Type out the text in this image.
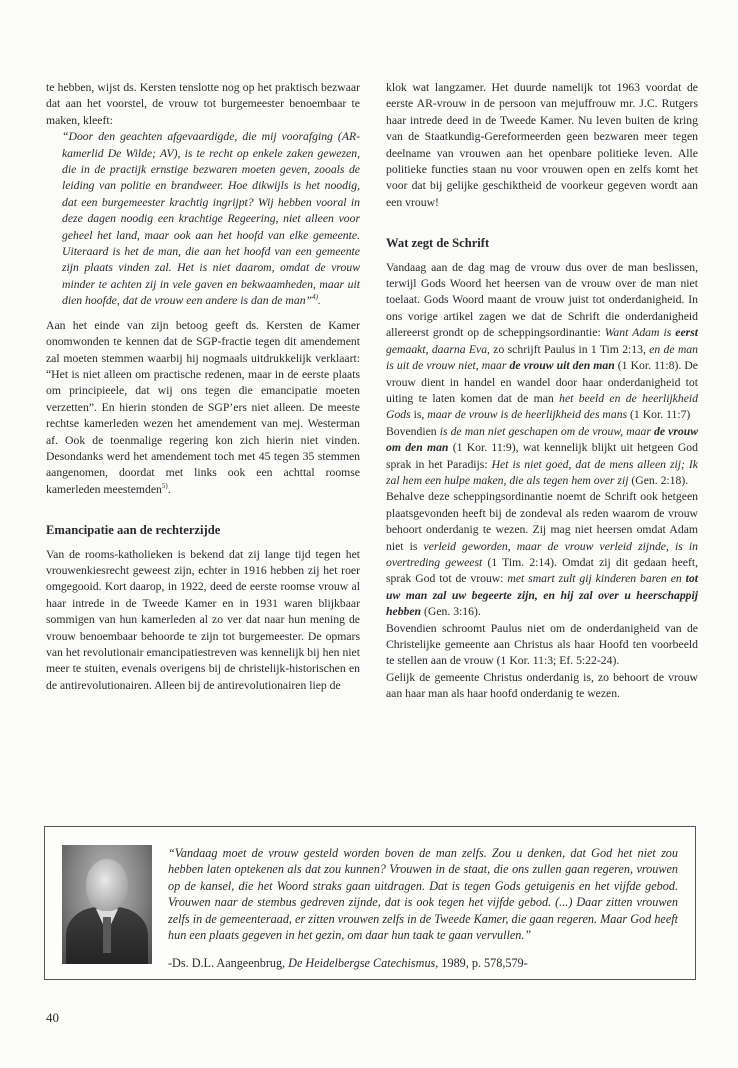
te hebben, wijst ds. Kersten tenslotte nog op het praktisch bezwaar dat aan het voorstel, de vrouw tot burgemeester benoembaar te maken, kleeft:

“Door den geachten afgevaardigde, die mij voorafging (AR-kamerlid De Wilde; AV), is te recht op enkele zaken gewezen, die in de practijk ernstige bezwaren moeten geven, zooals de leiding van politie en brandweer. Hoe dikwijls is het noodig, dat een burgemeester krachtig ingrijpt? Wij hebben vooral in deze dagen noodig een krachtige Regeering, niet alleen voor geheel het land, maar ook aan het hoofd van elke gemeente. Uiteraard is het de man, die aan het hoofd van een gemeente zijn plaats vinden zal. Het is niet daarom, omdat de vrouw minder te achten zij in vele gaven en bekwaamheden, maar uit dien hoofde, dat de vrouw een andere is dan de man”$^{4)}$.

Aan het einde van zijn betoog geeft ds. Kersten de Kamer onomwonden te kennen dat de SGP-fractie tegen dit amendement zal moeten stemmen waarbij hij nogmaals uitdrukkelijk verklaart: “Het is niet alleen om practische redenen, maar in de eerste plaats om principieele, dat wij ons tegen die emancipatie moeten verzetten”. En hierin stonden de SGP’ers niet alleen. De meeste rechtse kamerleden wezen het amendement van mej. Westerman af. Ook de toenmalige regering kon zich hierin niet vinden. Desondanks werd het amendement toch met 45 tegen 35 stemmen aangenomen, doordat met links ook een achttal roomse kamerleden meestemden$^{5)}$.

Emancipatie aan de rechterzijde

Van de rooms-katholieken is bekend dat zij lange tijd tegen het vrouwenkiesrecht geweest zijn, echter in 1916 hebben zij het roer omgegooid. Kort daarop, in 1922, deed de eerste roomse vrouw al haar intrede in de Tweede Kamer en in 1931 waren blijkbaar sommigen van hun kamerleden al zo ver dat naar hun mening de vrouw benoembaar behoorde te zijn tot burgemeester. De opmars van het revolutionair emancipatiestreven was kennelijk bij hen niet meer te stuiten, evenals overigens bij de christelijk-historischen en de antirevolutionairen. Alleen bij de antirevolutionairen liep de

klok wat langzamer. Het duurde namelijk tot 1963 voordat de eerste AR-vrouw in de persoon van mejuffrouw mr. J.C. Rutgers haar intrede deed in de Tweede Kamer. Nu leven buiten de kring van de Staatkundig-Gereformeerden geen bezwaren meer tegen deelname van vrouwen aan het openbare politieke leven. Alle politieke functies staan nu voor vrouwen open en zelfs komt het voor dat bij gelijke geschiktheid de voorkeur gegeven wordt aan een vrouw!

Wat zegt de Schrift

Vandaag aan de dag mag de vrouw dus over de man beslissen, terwijl Gods Woord het heersen van de vrouw over de man niet toelaat. Gods Woord maant de vrouw juist tot onderdanigheid. In ons vorige artikel zagen we dat de Schrift die onderdanigheid allereerst grondt op de scheppingsordinantie: Want Adam is eerst gemaakt, daarna Eva, zo schrijft Paulus in 1 Tim 2:13, en de man is uit de vrouw niet, maar de vrouw uit den man (1 Kor. 11:8). De vrouw dient in handel en wandel door haar onderdanigheid tot uiting te laten komen dat de man het beeld en de heerlijkheid Gods is, maar de vrouw is de heerlijkheid des mans (1 Kor. 11:7)

Bovendien is de man niet geschapen om de vrouw, maar de vrouw om den man (1 Kor. 11:9), wat kennelijk blijkt uit hetgeen God sprak in het Paradijs: Het is niet goed, dat de mens alleen zij; Ik zal hem een hulpe maken, die als tegen hem over zij (Gen. 2:18).

Behalve deze scheppingsordinantie noemt de Schrift ook hetgeen plaatsgevonden heeft bij de zondeval als reden waarom de vrouw behoort onderdanig te wezen. Zij mag niet heersen omdat Adam niet is verleid geworden, maar de vrouw verleid zijnde, is in overtreding geweest (1 Tim. 2:14). Omdat zij dit gedaan heeft, sprak God tot de vrouw: met smart zult gij kinderen baren en tot uw man zal uw begeerte zijn, en hij zal over u heerschappij hebben (Gen. 3:16).

Bovendien schroomt Paulus niet om de onderdanigheid van de Christelijke gemeente aan Christus als haar Hoofd ten voorbeeld te stellen aan de vrouw (1 Kor. 11:3; Ef. 5:22-24).

Gelijk de gemeente Christus onderdanig is, zo behoort de vrouw aan haar man als haar hoofd onderdanig te wezen.

“Vandaag moet de vrouw gesteld worden boven de man zelfs. Zou u denken, dat God het niet zou hebben laten optekenen als dat zou kunnen? Vrouwen in de staat, die ons zullen gaan regeren, vrouwen op de kansel, die het Woord straks gaan uitdragen. Dat is tegen Gods getuigenis en het vijfde gebod. Vrouwen naar de stembus gedreven zijnde, dat is ook tegen het vijfde gebod. (...) Daar zitten vrouwen zelfs in de gemeenteraad, er zitten vrouwen zelfs in de Tweede Kamer, die gaan regeren. Maar God heeft hun een plaats gegeven in het gezin, om daar hun taak te gaan vervullen.”
-Ds. D.L. Aangeenbrug, De Heidelbergse Catechismus, 1989, p. 578,579-
40
